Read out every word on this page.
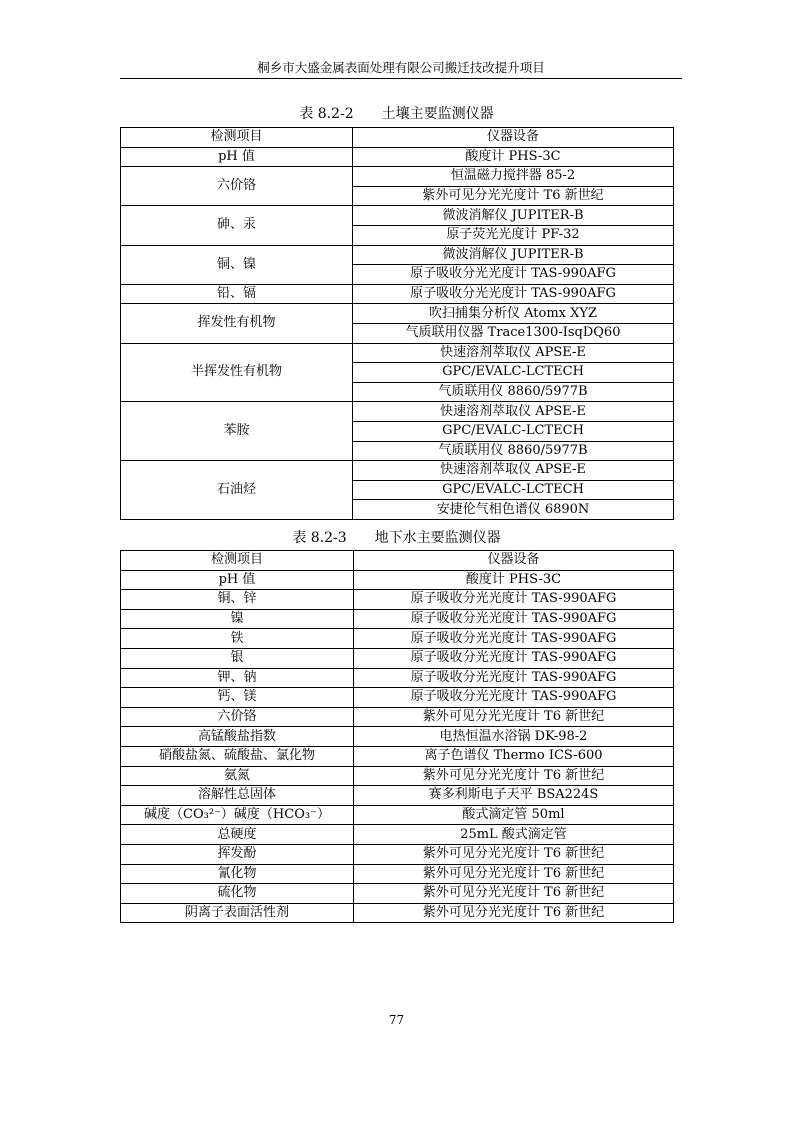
桐乡市大盛金属表面处理有限公司搬迁技改提升项目
表 8.2-2 土壤主要监测仪器
检测项目	仪器设备
pH 值	酸度计 PHS-3C
六价铬	恒温磁力搅拌器 85-2
	紫外可见分光光度计 T6 新世纪
砷、汞	微波消解仪 JUPITER-B
	原子荧光光度计 PF-32
铜、镍	微波消解仪 JUPITER-B
	原子吸收分光光度计 TAS-990AFG
铅、镉	原子吸收分光光度计 TAS-990AFG
挥发性有机物	吹扫捕集分析仪 Atomx XYZ
	气质联用仪器 Trace1300-IsqDQ60
半挥发性有机物	快速溶剂萃取仪 APSE-E
	GPC/EVALC-LCTECH
	气质联用仪 8860/5977B
苯胺	快速溶剂萃取仪 APSE-E
	GPC/EVALC-LCTECH
	气质联用仪 8860/5977B
石油烃	快速溶剂萃取仪 APSE-E
	GPC/EVALC-LCTECH
	安捷伦气相色谱仪 6890N
表 8.2-3 地下水主要监测仪器
检测项目	仪器设备
pH 值	酸度计 PHS-3C
铜、锌	原子吸收分光光度计 TAS-990AFG
镍	原子吸收分光光度计 TAS-990AFG
铁	原子吸收分光光度计 TAS-990AFG
银	原子吸收分光光度计 TAS-990AFG
钾、钠	原子吸收分光光度计 TAS-990AFG
钙、镁	原子吸收分光光度计 TAS-990AFG
六价铬	紫外可见分光光度计 T6 新世纪
高锰酸盐指数	电热恒温水浴锅 DK-98-2
硝酸盐氮、硫酸盐、氯化物	离子色谱仪 Thermo ICS-600
氨氮	紫外可见分光光度计 T6 新世纪
溶解性总固体	赛多利斯电子天平 BSA224S
碱度（CO₃²⁻）碱度（HCO₃⁻）	酸式滴定管 50ml
总硬度	25mL 酸式滴定管
挥发酚	紫外可见分光光度计 T6 新世纪
氰化物	紫外可见分光光度计 T6 新世纪
硫化物	紫外可见分光光度计 T6 新世纪
阴离子表面活性剂	紫外可见分光光度计 T6 新世纪
77
